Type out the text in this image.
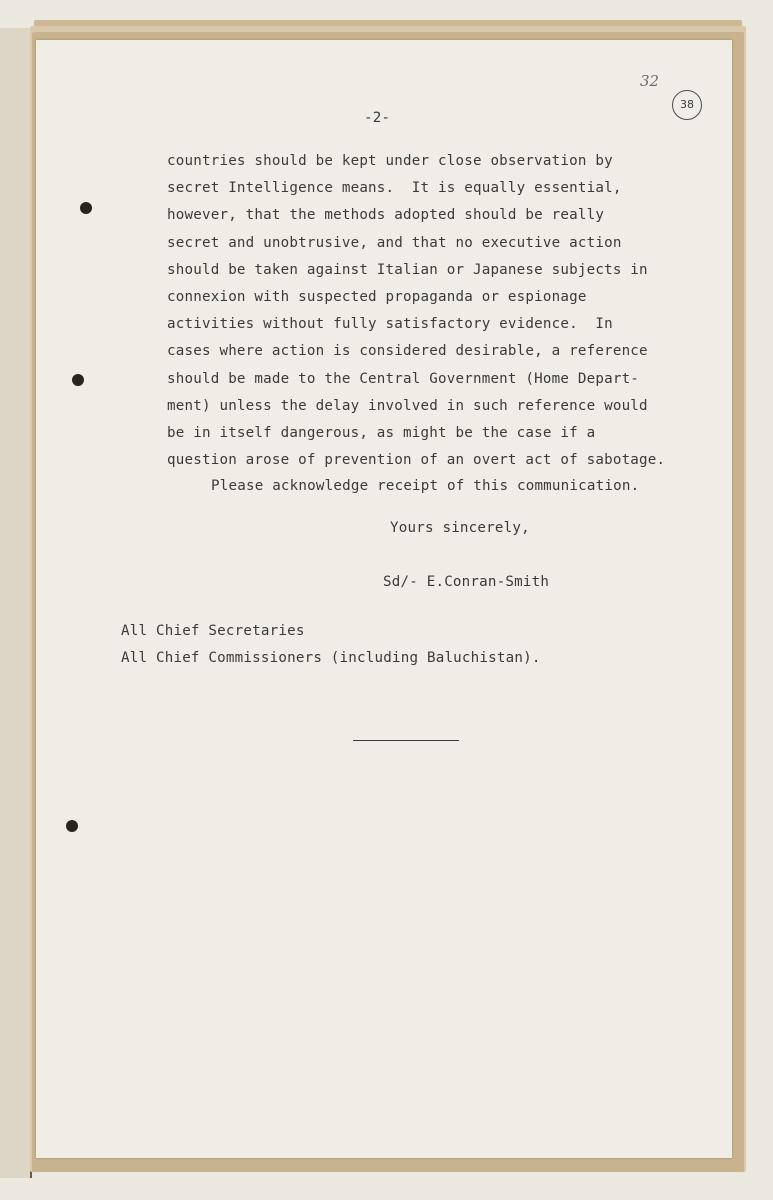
32
38
-2-
countries should be kept under close observation by
secret Intelligence means.  It is equally essential,
however, that the methods adopted should be really
secret and unobtrusive, and that no executive action
should be taken against Italian or Japanese subjects in
connexion with suspected propaganda or espionage
activities without fully satisfactory evidence.  In
cases where action is considered desirable, a reference
should be made to the Central Government (Home Depart-
ment) unless the delay involved in such reference would
be in itself dangerous, as might be the case if a
question arose of prevention of an overt act of sabotage.
Please acknowledge receipt of this communication.
Yours sincerely,
Sd/- E.Conran-Smith
All Chief Secretaries
All Chief Commissioners (including Baluchistan).
